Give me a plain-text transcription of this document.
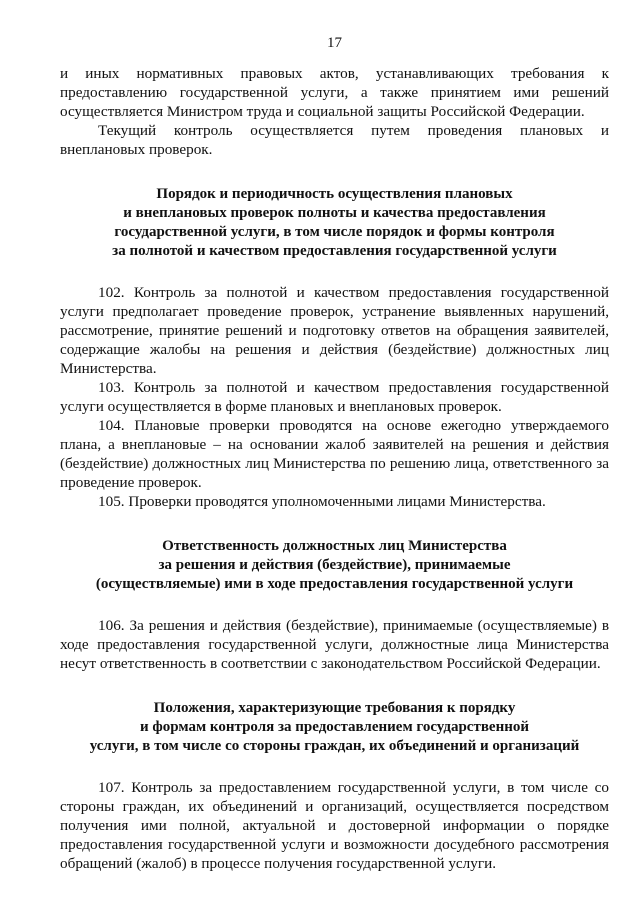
17

и иных нормативных правовых актов, устанавливающих требования к предоставлению государственной услуги, а также принятием ими решений осуществляется Министром труда и социальной защиты Российской Федерации.

Текущий контроль осуществляется путем проведения плановых и внеплановых проверок.

Порядок и периодичность осуществления плановых
и внеплановых проверок полноты и качества предоставления
государственной услуги, в том числе порядок и формы контроля
за полнотой и качеством предоставления государственной услуги

102. Контроль за полнотой и качеством предоставления государственной услуги предполагает проведение проверок, устранение выявленных нарушений, рассмотрение, принятие решений и подготовку ответов на обращения заявителей, содержащие жалобы на решения и действия (бездействие) должностных лиц Министерства.

103. Контроль за полнотой и качеством предоставления государственной услуги осуществляется в форме плановых и внеплановых проверок.

104. Плановые проверки проводятся на основе ежегодно утверждаемого плана, а внеплановые – на основании жалоб заявителей на решения и действия (бездействие) должностных лиц Министерства по решению лица, ответственного за проведение проверок.

105. Проверки проводятся уполномоченными лицами Министерства.

Ответственность должностных лиц Министерства
за решения и действия (бездействие), принимаемые
(осуществляемые) ими в ходе предоставления государственной услуги

106. За решения и действия (бездействие), принимаемые (осуществляемые) в ходе предоставления государственной услуги, должностные лица Министерства несут ответственность в соответствии с законодательством Российской Федерации.

Положения, характеризующие требования к порядку
и формам контроля за предоставлением государственной
услуги, в том числе со стороны граждан, их объединений и организаций

107. Контроль за предоставлением государственной услуги, в том числе со стороны граждан, их объединений и организаций, осуществляется посредством получения ими полной, актуальной и достоверной информации о порядке предоставления государственной услуги и возможности досудебного рассмотрения обращений (жалоб) в процессе получения государственной услуги.
